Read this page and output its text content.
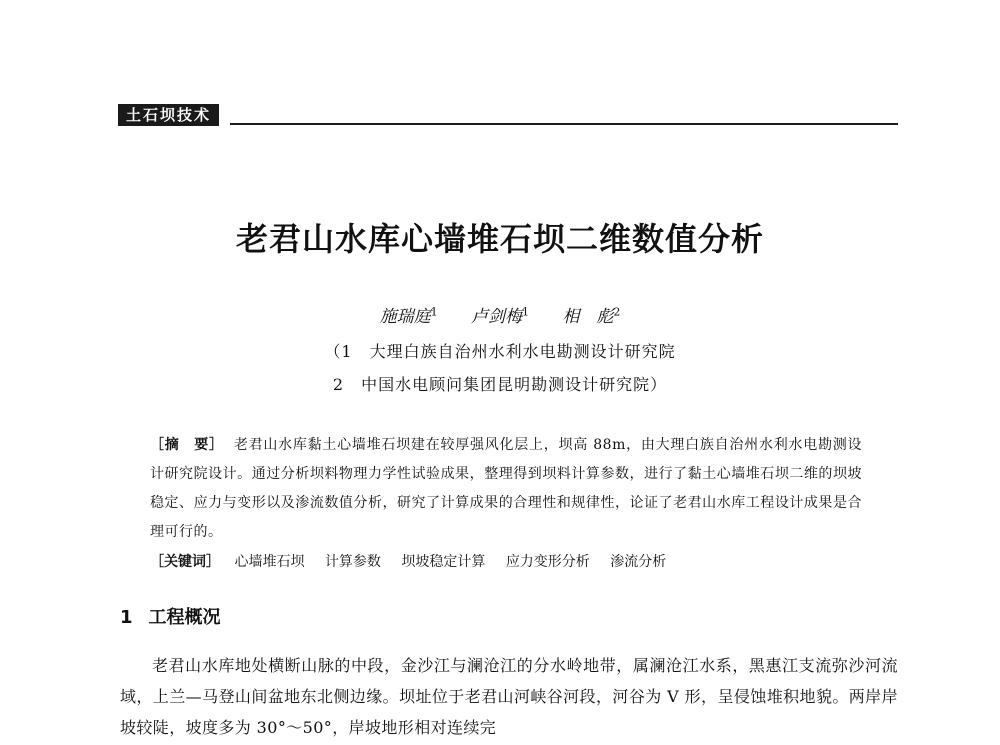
土石坝技术
老君山水库心墙堆石坝二维数值分析
施瑞庭$^1$ 卢剑梅$^1$ 相　彪$^2$
（1　大理白族自治州水利水电勘测设计研究院
2　中国水电顾问集团昆明勘测设计研究院）
［摘　要］ 老君山水库黏土心墙堆石坝建在较厚强风化层上，坝高 88m，由大理白族自治州水利水电勘测设计研究院设计。通过分析坝料物理力学性试验成果，整理得到坝料计算参数，进行了黏土心墙堆石坝二维的坝坡稳定、应力与变形以及渗流数值分析，研究了计算成果的合理性和规律性，论证了老君山水库工程设计成果是合理可行的。
［关键词］ 心墙堆石坝 计算参数 坝坡稳定计算 应力变形分析 渗流分析
1 工程概况
老君山水库地处横断山脉的中段，金沙江与澜沧江的分水岭地带，属澜沧江水系，黑惠江支流弥沙河流域，上兰—马登山间盆地东北侧边缘。坝址位于老君山河峡谷河段，河谷为 V 形，呈侵蚀堆积地貌。两岸岸坡较陡，坡度多为 30°～50°，岸坡地形相对连续完
